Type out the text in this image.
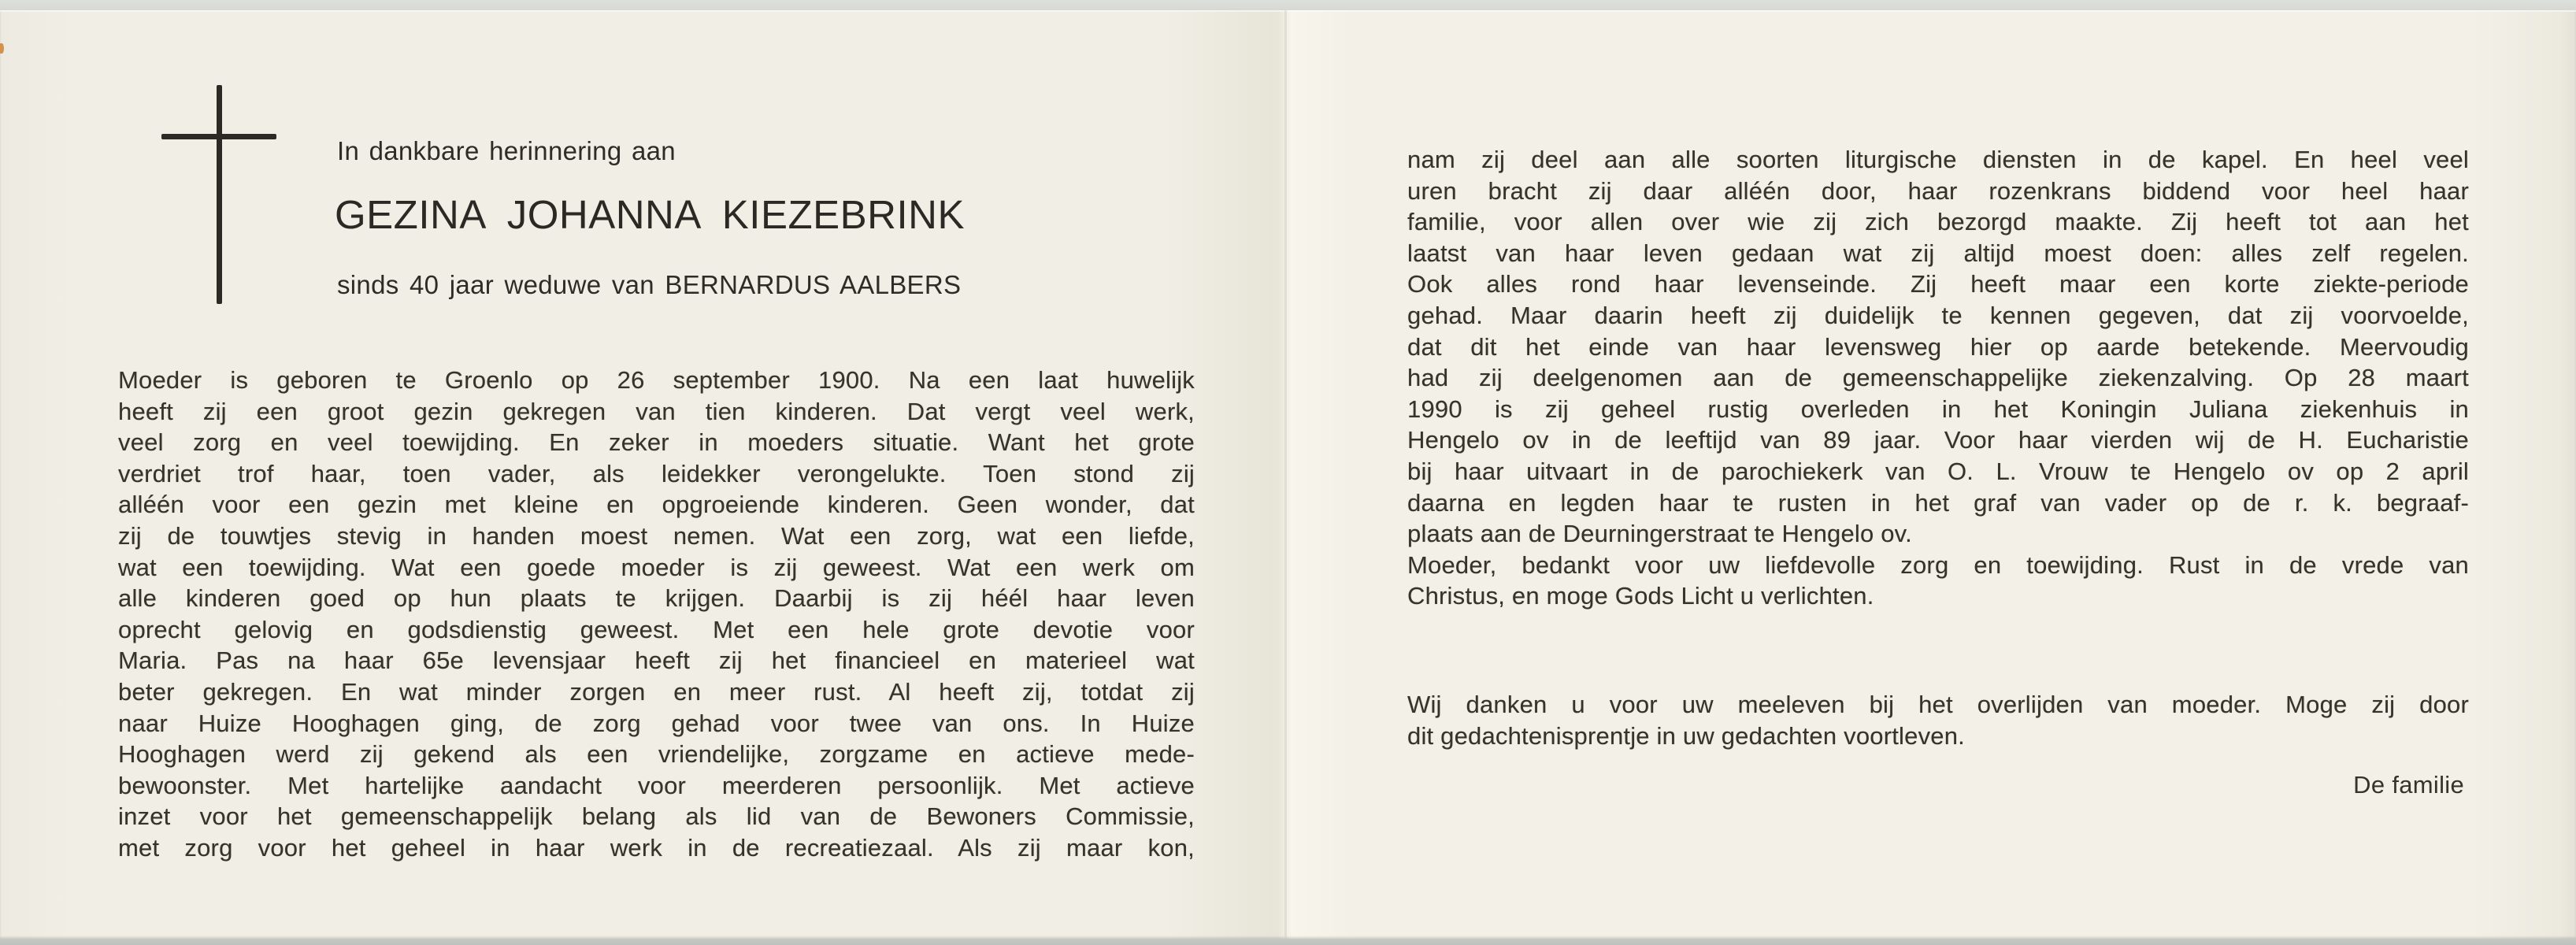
In dankbare herinnering aan
GEZINA JOHANNA KIEZEBRINK
sinds 40 jaar weduwe van BERNARDUS AALBERS
Moeder is geboren te Groenlo op 26 september 1900. Na een laat huwelijk
heeft zij een groot gezin gekregen van tien kinderen. Dat vergt veel werk,
veel zorg en veel toewijding. En zeker in moeders situatie. Want het grote
verdriet trof haar, toen vader, als leidekker verongelukte. Toen stond zij
alléén voor een gezin met kleine en opgroeiende kinderen. Geen wonder, dat
zij de touwtjes stevig in handen moest nemen. Wat een zorg, wat een liefde,
wat een toewijding. Wat een goede moeder is zij geweest. Wat een werk om
alle kinderen goed op hun plaats te krijgen. Daarbij is zij héél haar leven
oprecht gelovig en godsdienstig geweest. Met een hele grote devotie voor
Maria. Pas na haar 65e levensjaar heeft zij het financieel en materieel wat
beter gekregen. En wat minder zorgen en meer rust. Al heeft zij, totdat zij
naar Huize Hooghagen ging, de zorg gehad voor twee van ons. In Huize
Hooghagen werd zij gekend als een vriendelijke, zorgzame en actieve mede-
bewoonster. Met hartelijke aandacht voor meerderen persoonlijk. Met actieve
inzet voor het gemeenschappelijk belang als lid van de Bewoners Commissie,
met zorg voor het geheel in haar werk in de recreatiezaal. Als zij maar kon,
nam zij deel aan alle soorten liturgische diensten in de kapel. En heel veel
uren bracht zij daar alléén door, haar rozenkrans biddend voor heel haar
familie, voor allen over wie zij zich bezorgd maakte. Zij heeft tot aan het
laatst van haar leven gedaan wat zij altijd moest doen: alles zelf regelen.
Ook alles rond haar levenseinde. Zij heeft maar een korte ziekte-periode
gehad. Maar daarin heeft zij duidelijk te kennen gegeven, dat zij voorvoelde,
dat dit het einde van haar levensweg hier op aarde betekende. Meervoudig
had zij deelgenomen aan de gemeenschappelijke ziekenzalving. Op 28 maart
1990 is zij geheel rustig overleden in het Koningin Juliana ziekenhuis in
Hengelo ov in de leeftijd van 89 jaar. Voor haar vierden wij de H. Eucharistie
bij haar uitvaart in de parochiekerk van O. L. Vrouw te Hengelo ov op 2 april
daarna en legden haar te rusten in het graf van vader op de r. k. begraaf-
plaats aan de Deurningerstraat te Hengelo ov.
Moeder, bedankt voor uw liefdevolle zorg en toewijding. Rust in de vrede van
Christus, en moge Gods Licht u verlichten.
Wij danken u voor uw meeleven bij het overlijden van moeder. Moge zij door
dit gedachtenisprentje in uw gedachten voortleven.
De familie
